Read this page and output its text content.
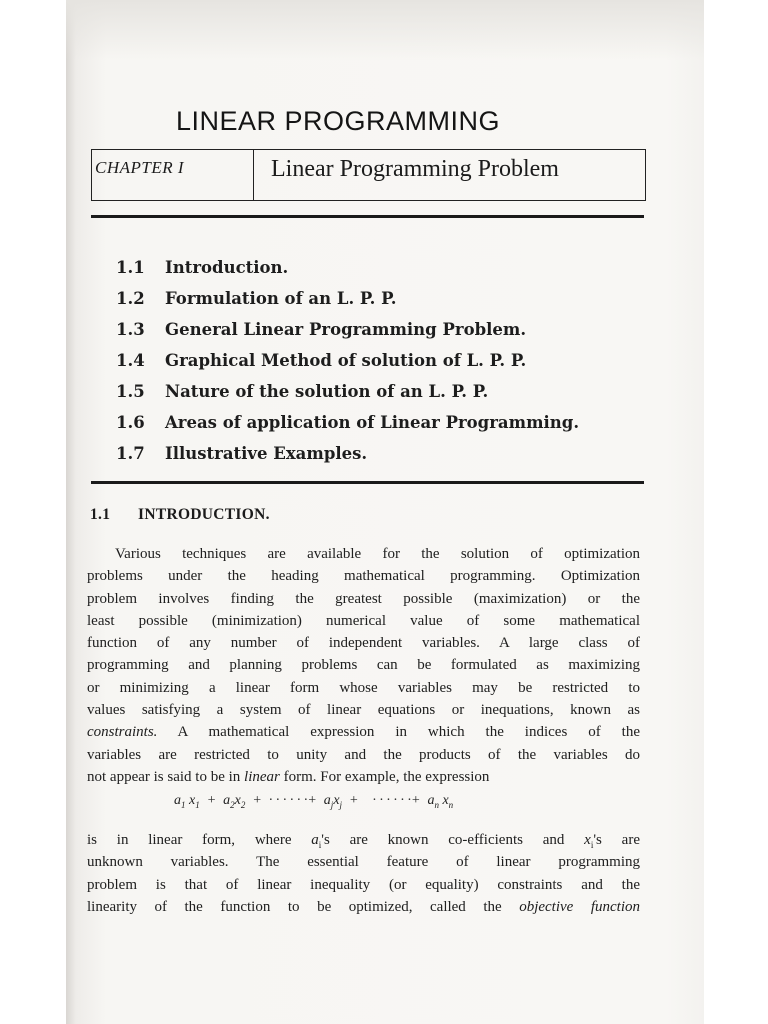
LINEAR PROGRAMMING
CHAPTER I	Linear Programming Problem
1.1 Introduction.
1.2 Formulation of an L. P. P.
1.3 General Linear Programming Problem.
1.4 Graphical Method of solution of L. P. P.
1.5 Nature of the solution of an L. P. P.
1.6 Areas of application of Linear Programming.
1.7 Illustrative Examples.
1.1 INTRODUCTION.
Various techniques are available for the solution of optimization
problems under the heading mathematical programming. Optimization
problem involves finding the greatest possible (maximization) or the
least possible (minimization) numerical value of some mathematical
function of any number of independent variables. A large class of
programming and planning problems can be formulated as maximizing
or minimizing a linear form whose variables may be restricted to
values satisfying a system of linear equations or inequations, known as
constraints. A mathematical expression in which the indices of the
variables are restricted to unity and the products of the variables do
not appear is said to be in linear form. For example, the expression
$a_1$ $x_1 + a_2x_2$ + · · · · · ·+ $a_jx_j$ + · · · · · ·+ $a_n$ $x_n$
is in linear form, where $a_i's$ are known co-efficients and $x_i's$ are
unknown variables. The essential feature of linear programming
problem is that of linear inequality (or equality) constraints and the
linearity of the function to be optimized, called the objective function
